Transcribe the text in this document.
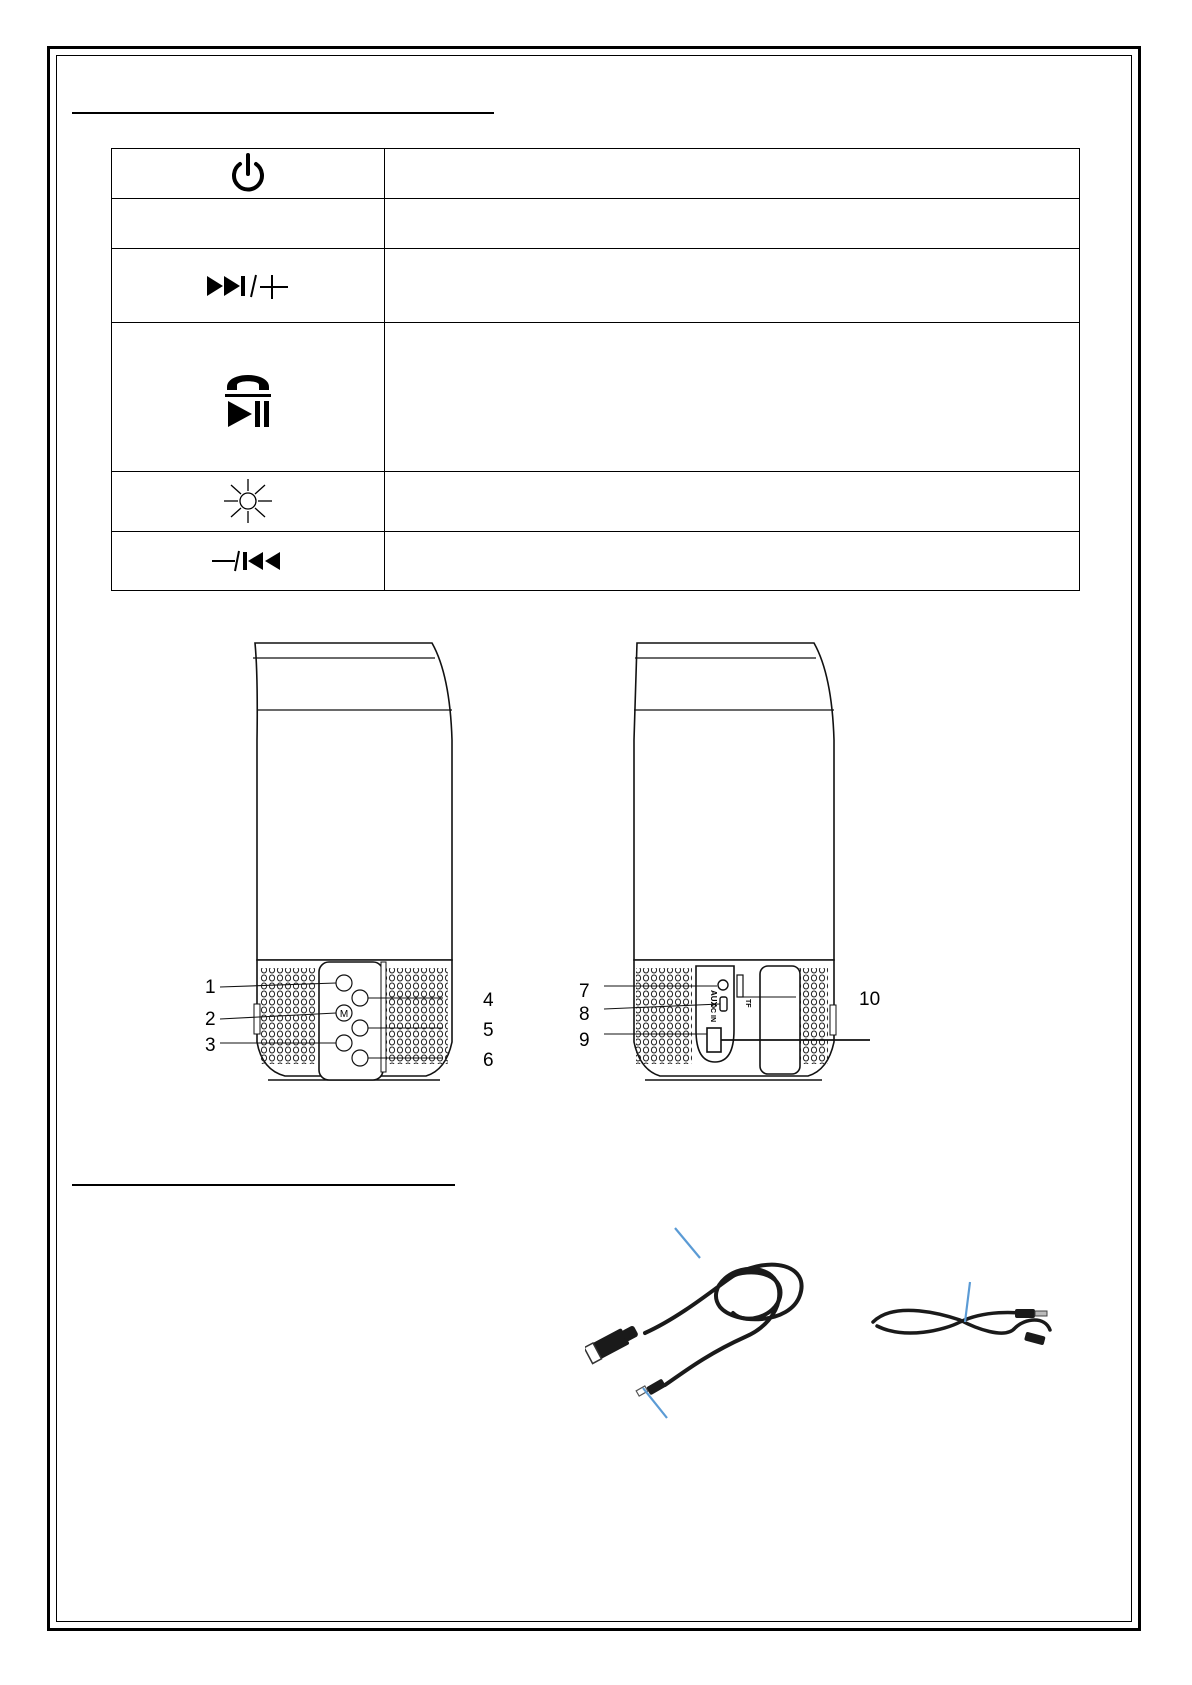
M
1
2
3
4
5
6
AUX
DC IN	TF
7
8
9
10
